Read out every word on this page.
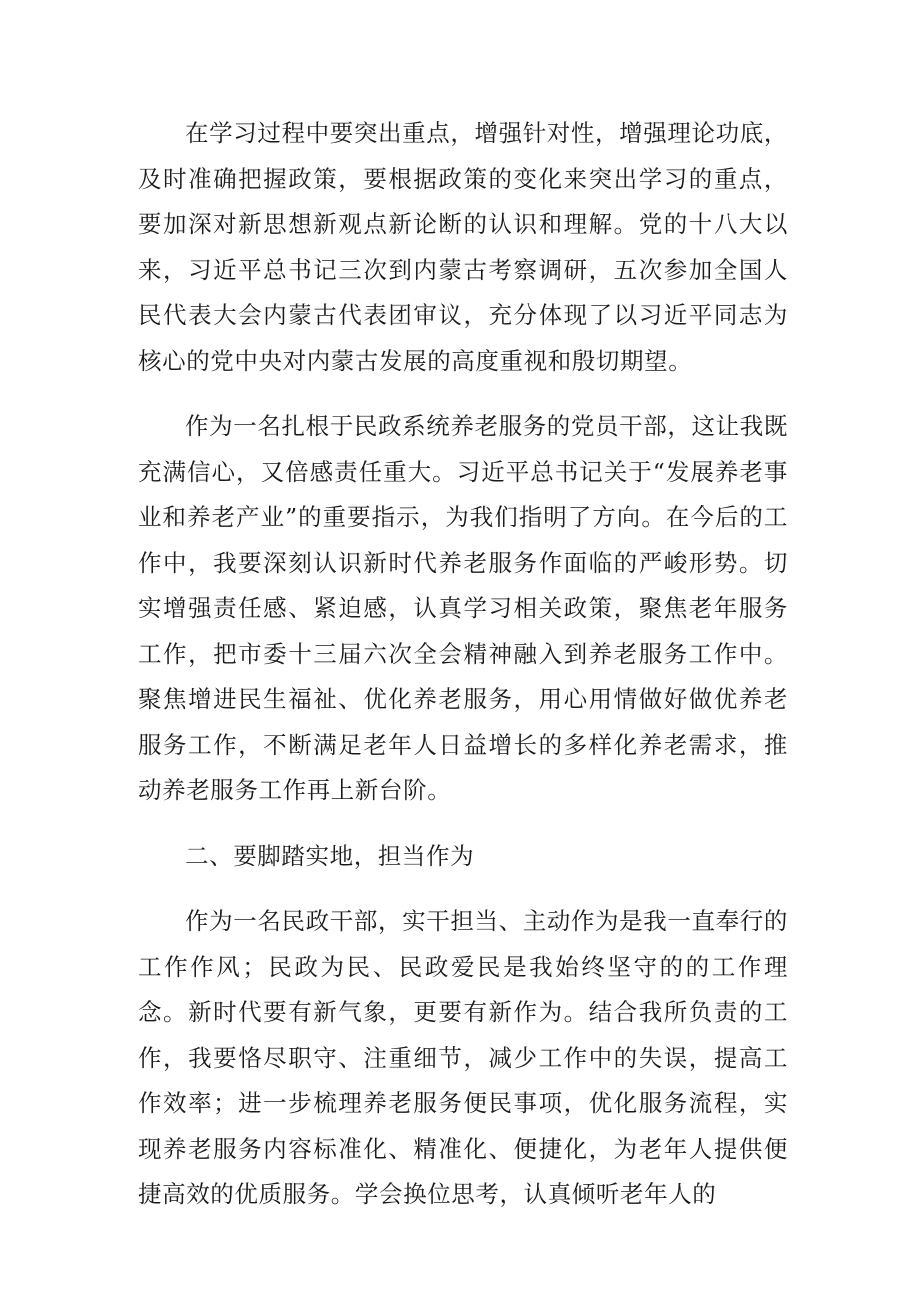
在学习过程中要突出重点，增强针对性，增强理论功底，及时准确把握政策，要根据政策的变化来突出学习的重点，要加深对新思想新观点新论断的认识和理解。党的十八大以来，习近平总书记三次到内蒙古考察调研，五次参加全国人民代表大会内蒙古代表团审议，充分体现了以习近平同志为核心的党中央对内蒙古发展的高度重视和殷切期望。

作为一名扎根于民政系统养老服务的党员干部，这让我既充满信心，又倍感责任重大。习近平总书记关于“发展养老事业和养老产业”的重要指示，为我们指明了方向。在今后的工作中，我要深刻认识新时代养老服务作面临的严峻形势。切实增强责任感、紧迫感，认真学习相关政策，聚焦老年服务工作，把市委十三届六次全会精神融入到养老服务工作中。聚焦增进民生福祉、优化养老服务，用心用情做好做优养老服务工作，不断满足老年人日益增长的多样化养老需求，推动养老服务工作再上新台阶。

二、要脚踏实地，担当作为

作为一名民政干部，实干担当、主动作为是我一直奉行的工作作风；民政为民、民政爱民是我始终坚守的的工作理念。新时代要有新气象，更要有新作为。结合我所负责的工作，我要恪尽职守、注重细节，减少工作中的失误，提高工作效率；进一步梳理养老服务便民事项，优化服务流程，实现养老服务内容标准化、精准化、便捷化，为老年人提供便捷高效的优质服务。学会换位思考，认真倾听老年人的
